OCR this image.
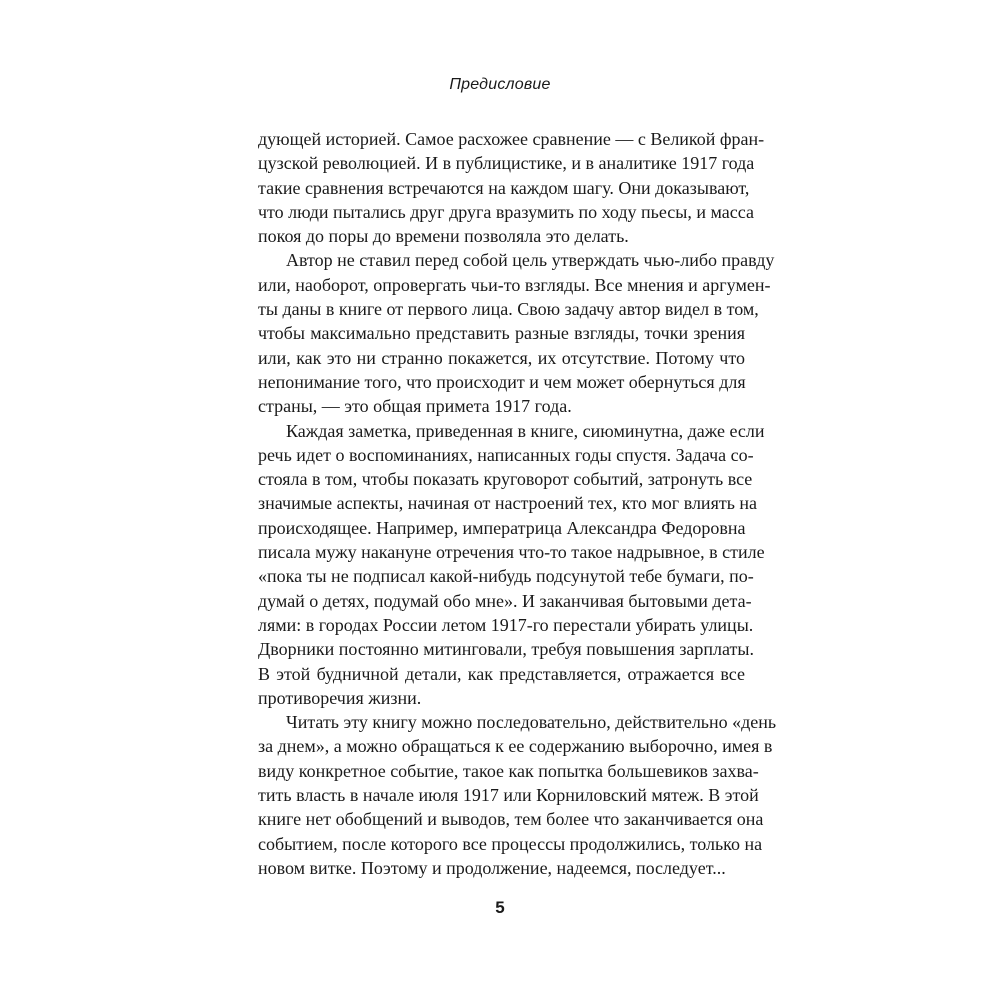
Предисловие

дующей историей. Самое расхожее сравнение — с Великой фран-
цузской революцией. И в публицистике, и в аналитике 1917 года
такие сравнения встречаются на каждом шагу. Они доказывают,
что люди пытались друг друга вразумить по ходу пьесы, и масса
покоя до поры до времени позволяла это делать.

Автор не ставил перед собой цель утверждать чью-либо правду
или, наоборот, опровергать чьи-то взгляды. Все мнения и аргумен-
ты даны в книге от первого лица. Свою задачу автор видел в том,
чтобы максимально представить разные взгляды, точки зрения
или, как это ни странно покажется, их отсутствие. Потому что
непонимание того, что происходит и чем может обернуться для
страны, — это общая примета 1917 года.

Каждая заметка, приведенная в книге, сиюминутна, даже если
речь идет о воспоминаниях, написанных годы спустя. Задача со-
стояла в том, чтобы показать круговорот событий, затронуть все
значимые аспекты, начиная от настроений тех, кто мог влиять на
происходящее. Например, императрица Александра Федоровна
писала мужу накануне отречения что-то такое надрывное, в стиле
«пока ты не подписал какой-нибудь подсунутой тебе бумаги, по-
думай о детях, подумай обо мне». И заканчивая бытовыми дета-
лями: в городах России летом 1917-го перестали убирать улицы.
Дворники постоянно митинговали, требуя повышения зарплаты.
В этой будничной детали, как представляется, отражается все
противоречия жизни.

Читать эту книгу можно последовательно, действительно «день
за днем», а можно обращаться к ее содержанию выборочно, имея в
виду конкретное событие, такое как попытка большевиков захва-
тить власть в начале июля 1917 или Корниловский мятеж. В этой
книге нет обобщений и выводов, тем более что заканчивается она
событием, после которого все процессы продолжились, только на
новом витке. Поэтому и продолжение, надеемся, последует...

5
